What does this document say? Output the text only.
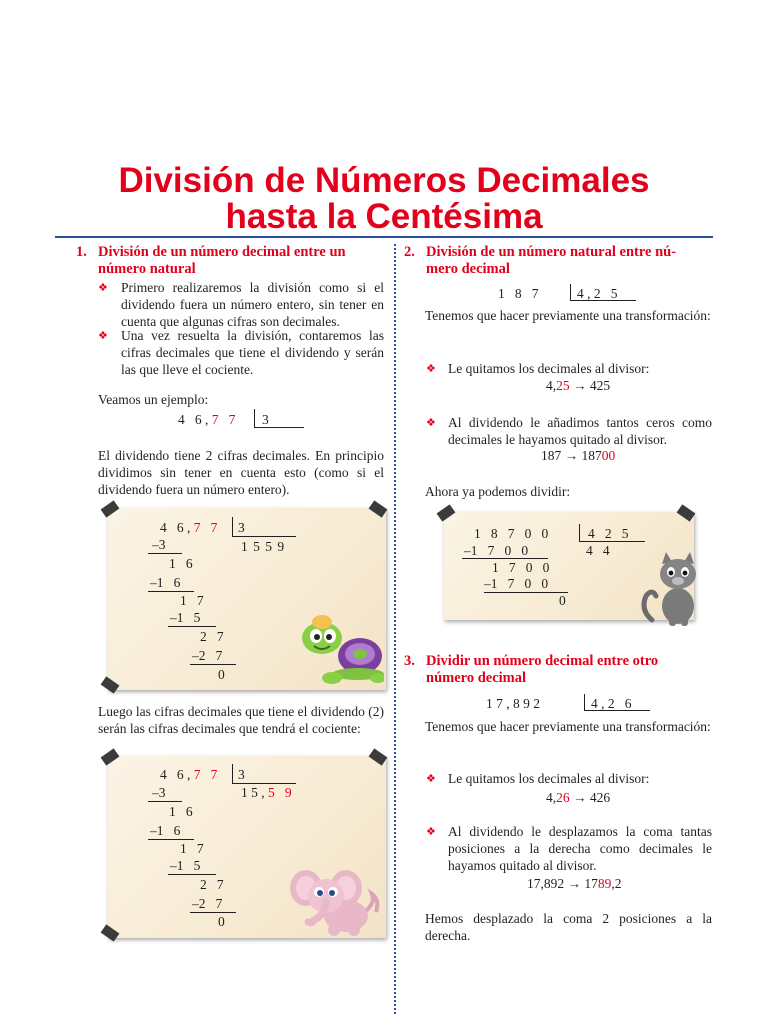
División de Números Decimales
hasta la Centésima
1. División de un número decimal entre un
número natural
❖ Primero realizaremos la división como si el dividendo fuera un número entero, sin tener en cuenta que algunas cifras son decimales.
❖ Una vez resuelta la división, contaremos las cifras decimales que tiene el dividendo y serán las que lleve el cociente.
Veamos un ejemplo:
4   6 , 7   7 3
El dividendo tiene 2 cifras decimales. En principio dividimos sin tener en cuenta esto (como si el dividendo fuera un número entero).
4   6 , 7   7 3
1 5 5 9
–3
1   6
–1   6
1   7
–1   5
2   7
–2   7
0
Luego las cifras decimales que tiene el dividendo (2) serán las cifras decimales que tendrá el cociente:
4   6 , 7   7 3
1 5 , 5   9
–3
1   6
–1   6
1   7
–1   5
2   7
–2   7
0
2. División de un número natural entre nú-
mero decimal
1   8   7	4 , 2   5
Tenemos que hacer previamente una transformación:
❖ Le quitamos los decimales al divisor:
4,25 → 425
❖ Al dividendo le añadimos tantos ceros como decimales le hayamos quitado al divisor.
187 → 18700
Ahora ya podemos dividir:
1   8   7   0   0	4   2   5
4   4
–1   7   0   0
1   7   0   0
–1   7   0   0
0
3. Dividir un número decimal entre otro
número decimal
1 7 , 8 9 2	4 , 2   6
Tenemos que hacer previamente una transformación:
❖ Le quitamos los decimales al divisor:
4,26 → 426
❖ Al dividendo le desplazamos la coma tantas posiciones a la derecha como decimales le hayamos quitado al divisor.
17,892 → 1789,2
Hemos desplazado la coma 2 posiciones a la derecha.
